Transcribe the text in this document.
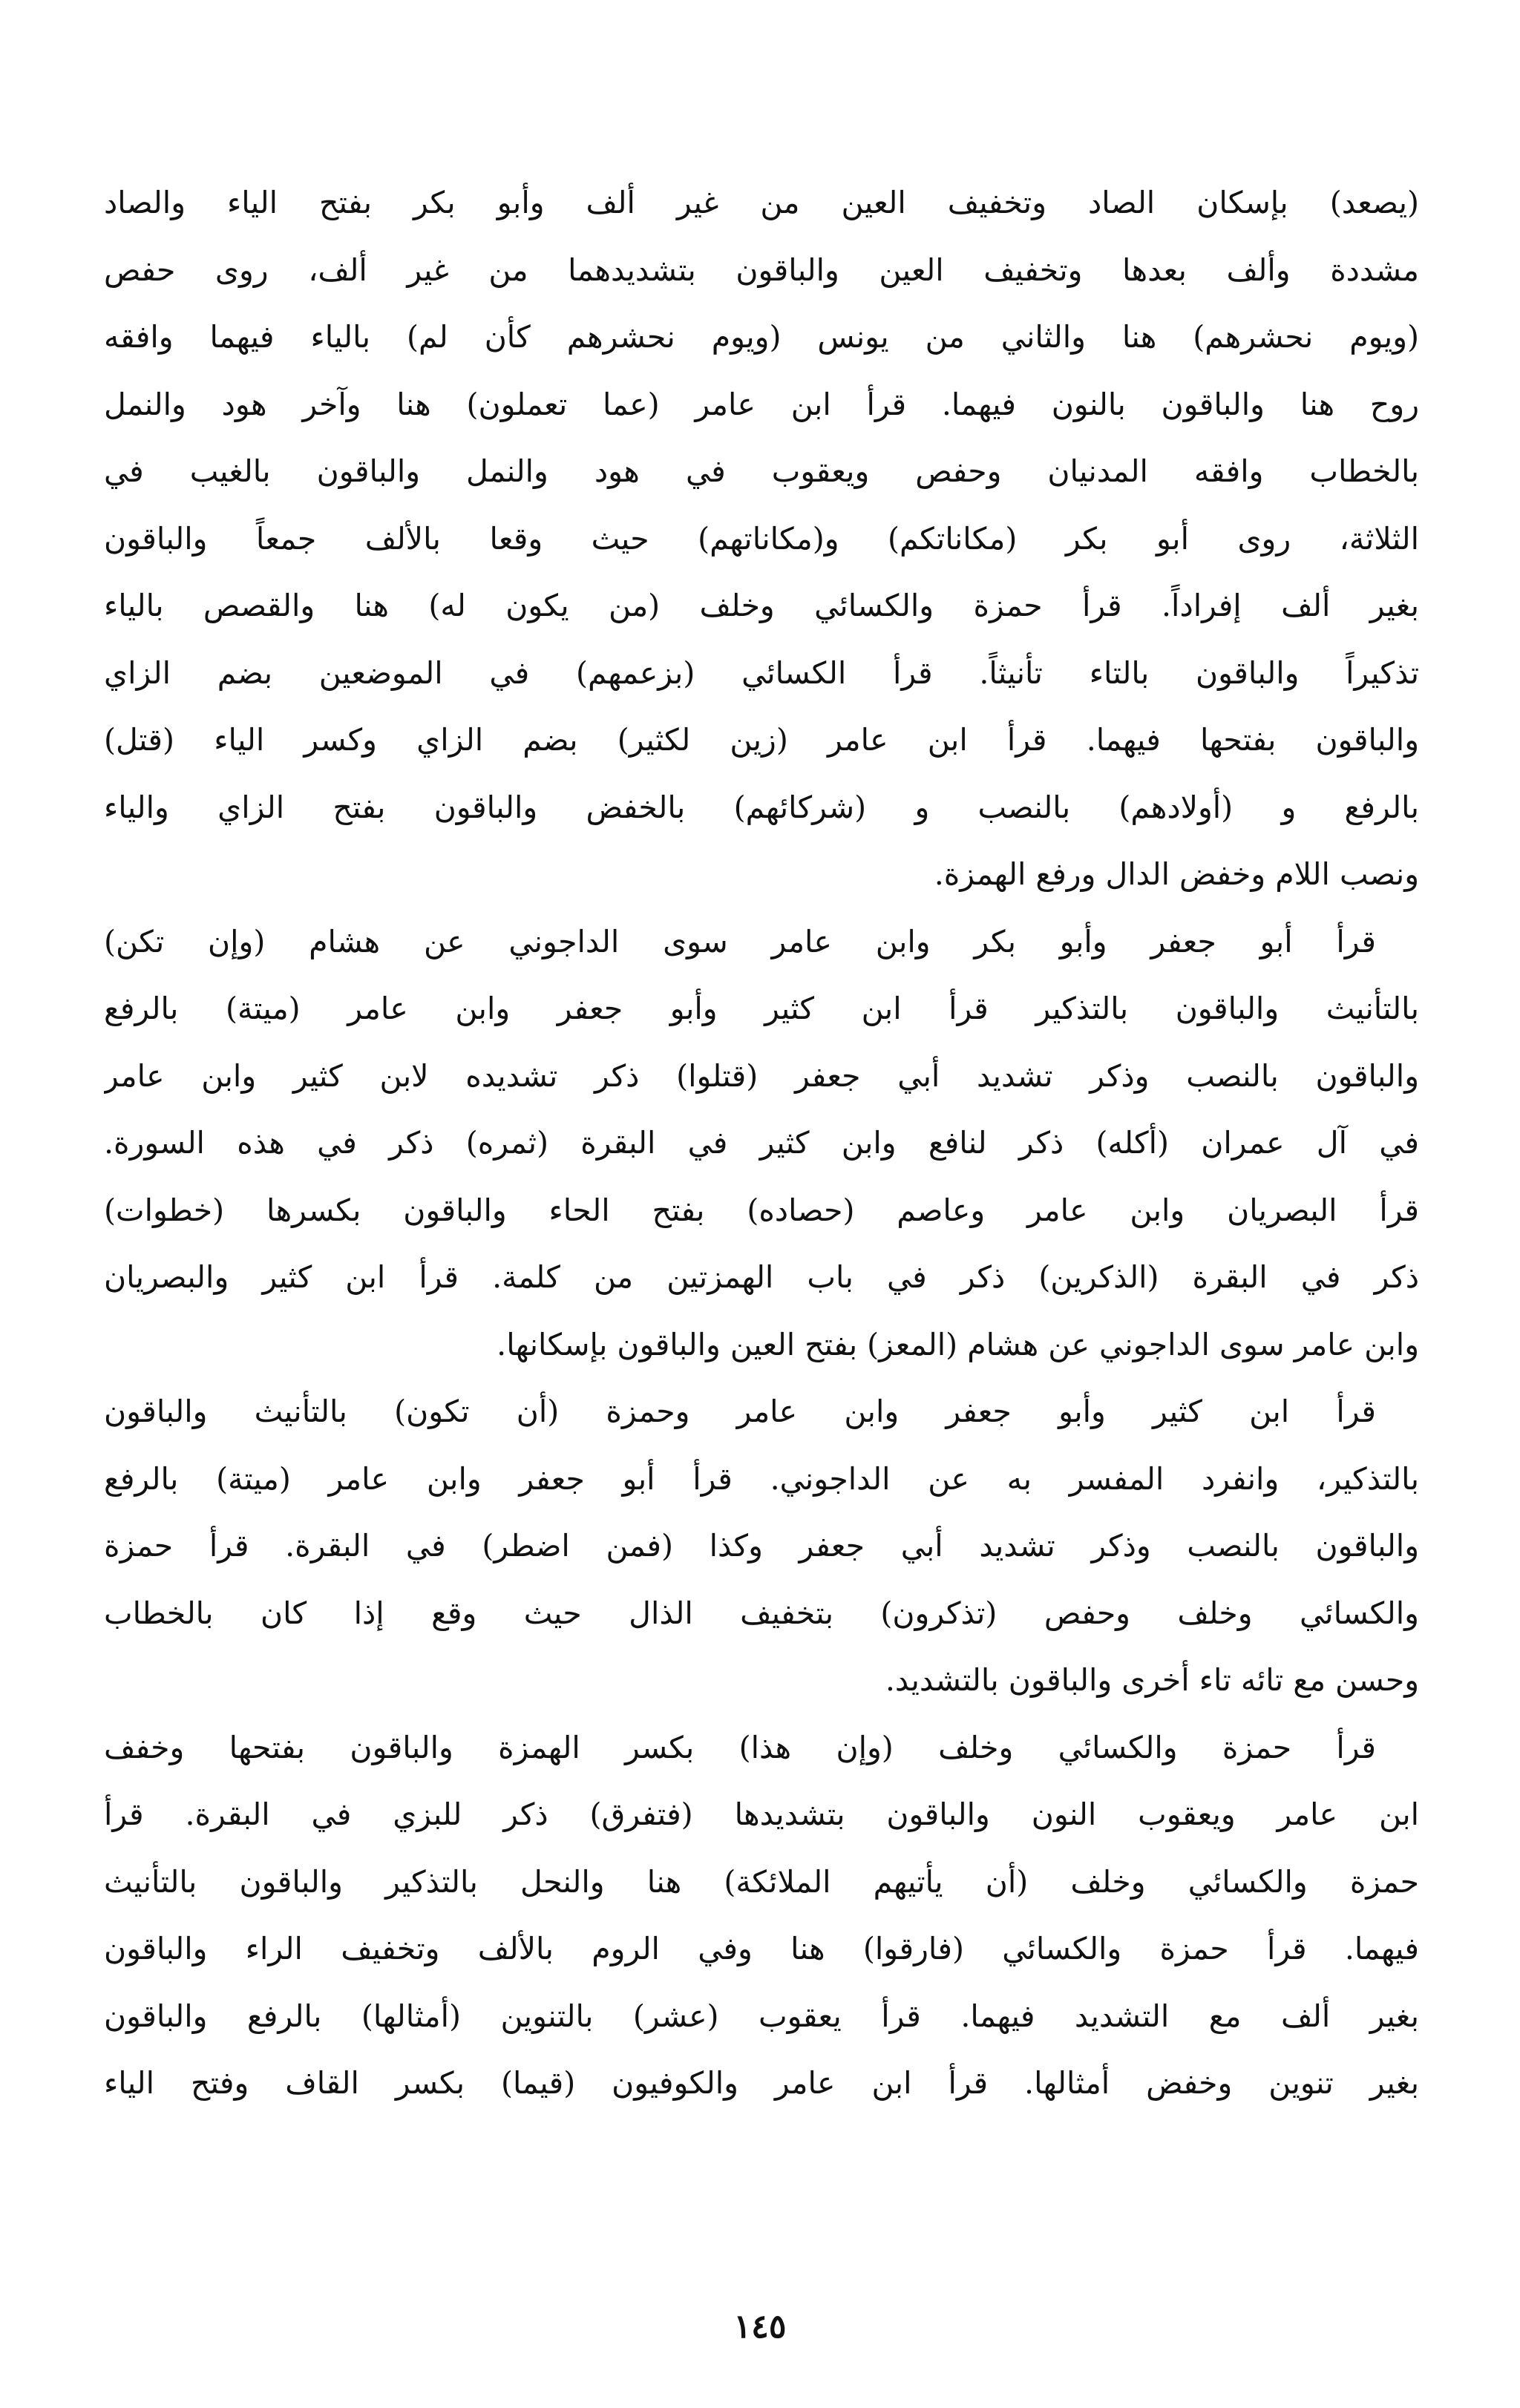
(يصعد) بإسكان الصاد وتخفيف العين من غير ألف وأبو بكر بفتح الياء والصاد
مشددة وألف بعدها وتخفيف العين والباقون بتشديدهما من غير ألف، روى حفص
(ويوم نحشرهم) هنا والثاني من يونس (ويوم نحشرهم كأن لم) بالياء فيهما وافقه
روح هنا والباقون بالنون فيهما. قرأ ابن عامر (عما تعملون) هنا وآخر هود والنمل
بالخطاب وافقه المدنيان وحفص ويعقوب في هود والنمل والباقون بالغيب في
الثلاثة، روى أبو بكر (مكاناتكم) و(مكاناتهم) حيث وقعا بالألف جمعاً والباقون
بغير ألف إفراداً. قرأ حمزة والكسائي وخلف (من يكون له) هنا والقصص بالياء
تذكيراً والباقون بالتاء تأنيثاً. قرأ الكسائي (بزعمهم) في الموضعين بضم الزاي
والباقون بفتحها فيهما. قرأ ابن عامر (زين لكثير) بضم الزاي وكسر الياء (قتل)
بالرفع و (أولادهم) بالنصب و (شركائهم) بالخفض والباقون بفتح الزاي والياء
ونصب اللام وخفض الدال ورفع الهمزة.
قرأ أبو جعفر وأبو بكر وابن عامر سوى الداجوني عن هشام (وإن تكن)
بالتأنيث والباقون بالتذكير قرأ ابن كثير وأبو جعفر وابن عامر (ميتة) بالرفع
والباقون بالنصب وذكر تشديد أبي جعفر (قتلوا) ذكر تشديده لابن كثير وابن عامر
في آل عمران (أكله) ذكر لنافع وابن كثير في البقرة (ثمره) ذكر في هذه السورة.
قرأ البصريان وابن عامر وعاصم (حصاده) بفتح الحاء والباقون بكسرها (خطوات)
ذكر في البقرة (الذكرين) ذكر في باب الهمزتين من كلمة. قرأ ابن كثير والبصريان
وابن عامر سوى الداجوني عن هشام (المعز) بفتح العين والباقون بإسكانها.
قرأ ابن كثير وأبو جعفر وابن عامر وحمزة (أن تكون) بالتأنيث والباقون
بالتذكير، وانفرد المفسر به عن الداجوني. قرأ أبو جعفر وابن عامر (ميتة) بالرفع
والباقون بالنصب وذكر تشديد أبي جعفر وكذا (فمن اضطر) في البقرة. قرأ حمزة
والكسائي وخلف وحفص (تذكرون) بتخفيف الذال حيث وقع إذا كان بالخطاب
وحسن مع تائه تاء أخرى والباقون بالتشديد.
قرأ حمزة والكسائي وخلف (وإن هذا) بكسر الهمزة والباقون بفتحها وخفف
ابن عامر ويعقوب النون والباقون بتشديدها (فتفرق) ذكر للبزي في البقرة. قرأ
حمزة والكسائي وخلف (أن يأتيهم الملائكة) هنا والنحل بالتذكير والباقون بالتأنيث
فيهما. قرأ حمزة والكسائي (فارقوا) هنا وفي الروم بالألف وتخفيف الراء والباقون
بغير ألف مع التشديد فيهما. قرأ يعقوب (عشر) بالتنوين (أمثالها) بالرفع والباقون
بغير تنوين وخفض أمثالها. قرأ ابن عامر والكوفيون (قيما) بكسر القاف وفتح الياء
١٤٥
